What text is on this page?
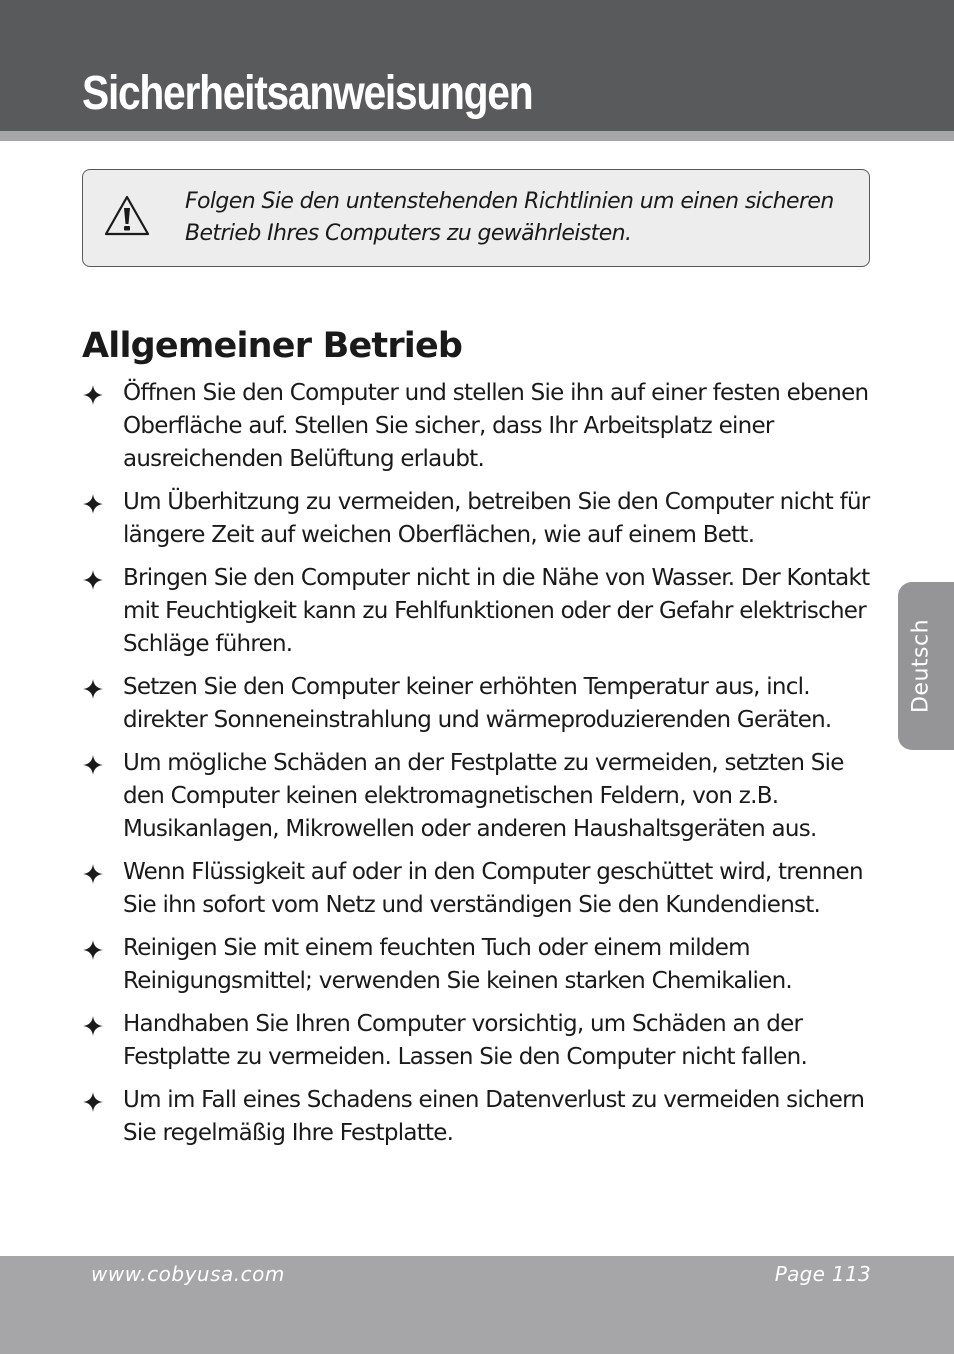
Sicherheitsanweisungen

Folgen Sie den untenstehenden Richtlinien um einen sicheren Betrieb Ihres Computers zu gewährleisten.

Allgemeiner Betrieb
Öffnen Sie den Computer und stellen Sie ihn auf einer festen ebenen Oberfläche auf. Stellen Sie sicher, dass Ihr Arbeitsplatz einer ausreichenden Belüftung erlaubt.
Um Überhitzung zu vermeiden, betreiben Sie den Computer nicht für längere Zeit auf weichen Oberflächen, wie auf einem Bett.
Bringen Sie den Computer nicht in die Nähe von Wasser. Der Kontakt mit Feuchtigkeit kann zu Fehlfunktionen oder der Gefahr elektrischer Schläge führen.
Setzen Sie den Computer keiner erhöhten Temperatur aus, incl. direkter Sonneneinstrahlung und wärmeproduzierenden Geräten.
Um mögliche Schäden an der Festplatte zu vermeiden, setzten Sie den Computer keinen elektromagnetischen Feldern, von z.B. Musikanlagen, Mikrowellen oder anderen Haushaltsgeräten aus.
Wenn Flüssigkeit auf oder in den Computer geschüttet wird, trennen Sie ihn sofort vom Netz und verständigen Sie den Kundendienst.
Reinigen Sie mit einem feuchten Tuch oder einem mildem Reinigungsmittel; verwenden Sie keinen starken Chemikalien.
Handhaben Sie Ihren Computer vorsichtig, um Schäden an der Festplatte zu vermeiden. Lassen Sie den Computer nicht fallen.
Um im Fall eines Schadens einen Datenverlust zu vermeiden sichern Sie regelmäßig Ihre Festplatte.
Deutsch
www.cobyusa.com	Page 113
